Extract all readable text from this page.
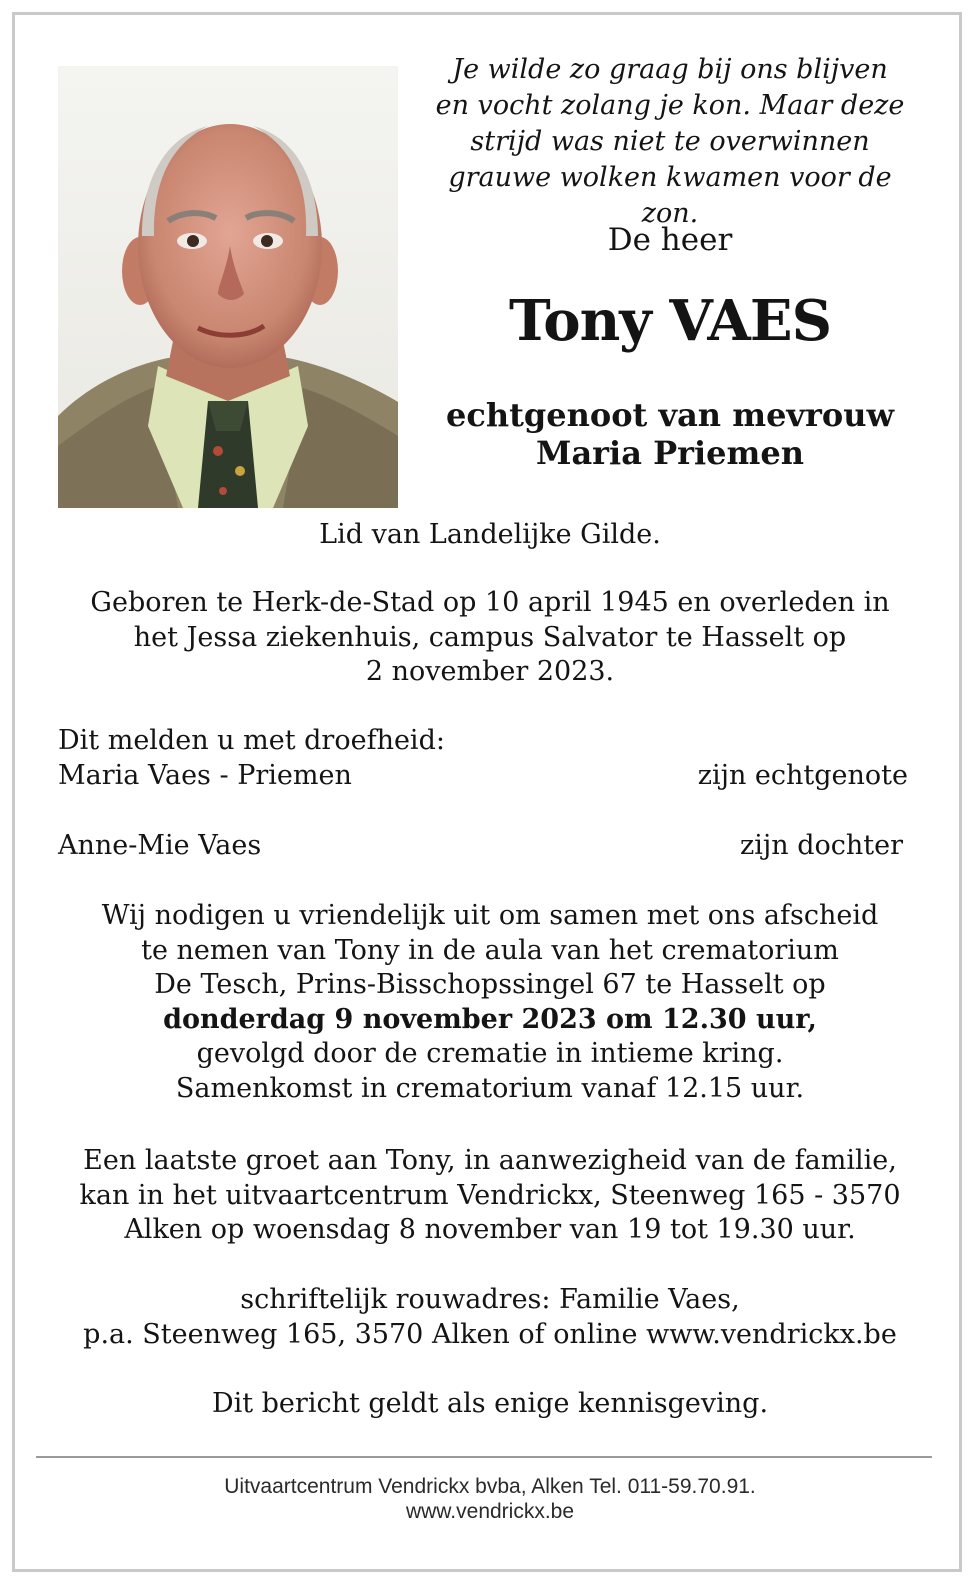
Je wilde zo graag bij ons blijven
en vocht zolang je kon. Maar deze
strijd was niet te overwinnen
grauwe wolken kwamen voor de zon.
De heer
Tony VAES
echtgenoot van mevrouw
Maria Priemen
Lid van Landelijke Gilde.
Geboren te Herk-de-Stad op 10 april 1945 en overleden in
het Jessa ziekenhuis, campus Salvator te Hasselt op
2 november 2023.
Dit melden u met droefheid:
Maria Vaes - Priemen	zijn echtgenote
Anne-Mie Vaes	zijn dochter
Wij nodigen u vriendelijk uit om samen met ons afscheid
te nemen van Tony in de aula van het crematorium
De Tesch, Prins-Bisschopssingel 67 te Hasselt op
donderdag 9 november 2023 om 12.30 uur,
gevolgd door de crematie in intieme kring.
Samenkomst in crematorium vanaf 12.15 uur.
Een laatste groet aan Tony, in aanwezigheid van de familie,
kan in het uitvaartcentrum Vendrickx, Steenweg 165 - 3570
Alken op woensdag 8 november van 19 tot 19.30 uur.
schriftelijk rouwadres: Familie Vaes,
p.a. Steenweg 165, 3570 Alken of online www.vendrickx.be
Dit bericht geldt als enige kennisgeving.
Uitvaartcentrum Vendrickx bvba, Alken Tel. 011-59.70.91.
www.vendrickx.be
